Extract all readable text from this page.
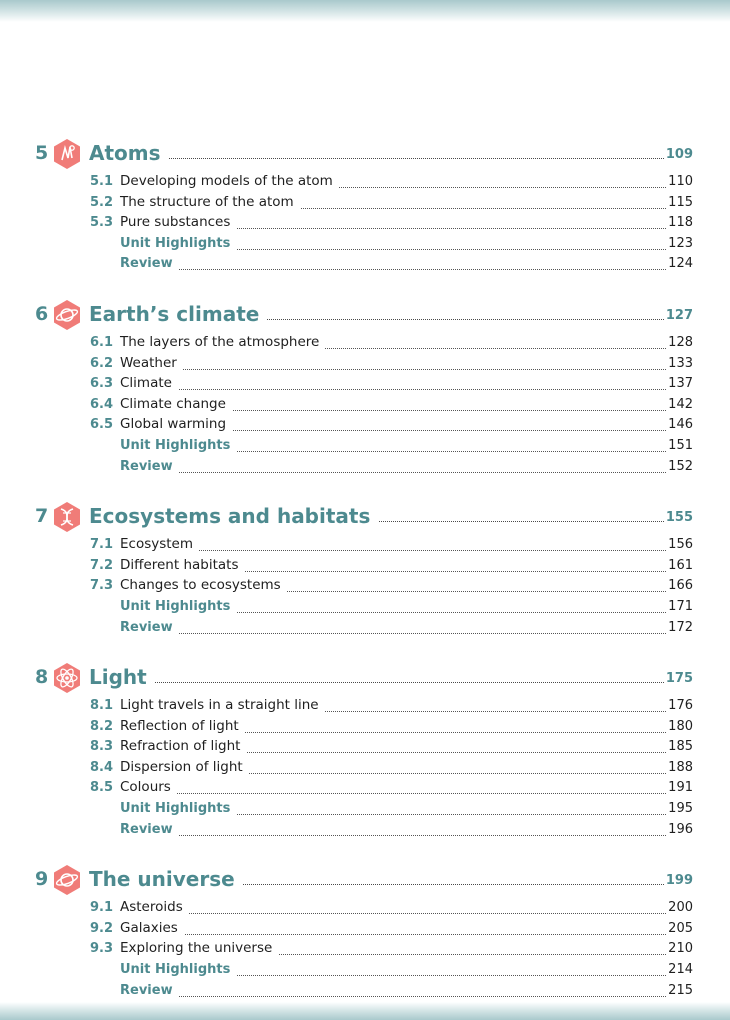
5 Atoms	109
5.1 Developing models of the atom	110
5.2 The structure of the atom	115
5.3 Pure substances	118
Unit Highlights	123
Review	124
6 Earth’s climate	127
6.1 The layers of the atmosphere	128
6.2 Weather	133
6.3 Climate	137
6.4 Climate change	142
6.5 Global warming	146
Unit Highlights	151
Review	152
7 Ecosystems and habitats	155
7.1 Ecosystem	156
7.2 Different habitats	161
7.3 Changes to ecosystems	166
Unit Highlights	171
Review	172
8 Light	175
8.1 Light travels in a straight line	176
8.2 Reflection of light	180
8.3 Refraction of light	185
8.4 Dispersion of light	188
8.5 Colours	191
Unit Highlights	195
Review	196
9 The universe	199
9.1 Asteroids	200
9.2 Galaxies	205
9.3 Exploring the universe	210
Unit Highlights	214
Review	215
